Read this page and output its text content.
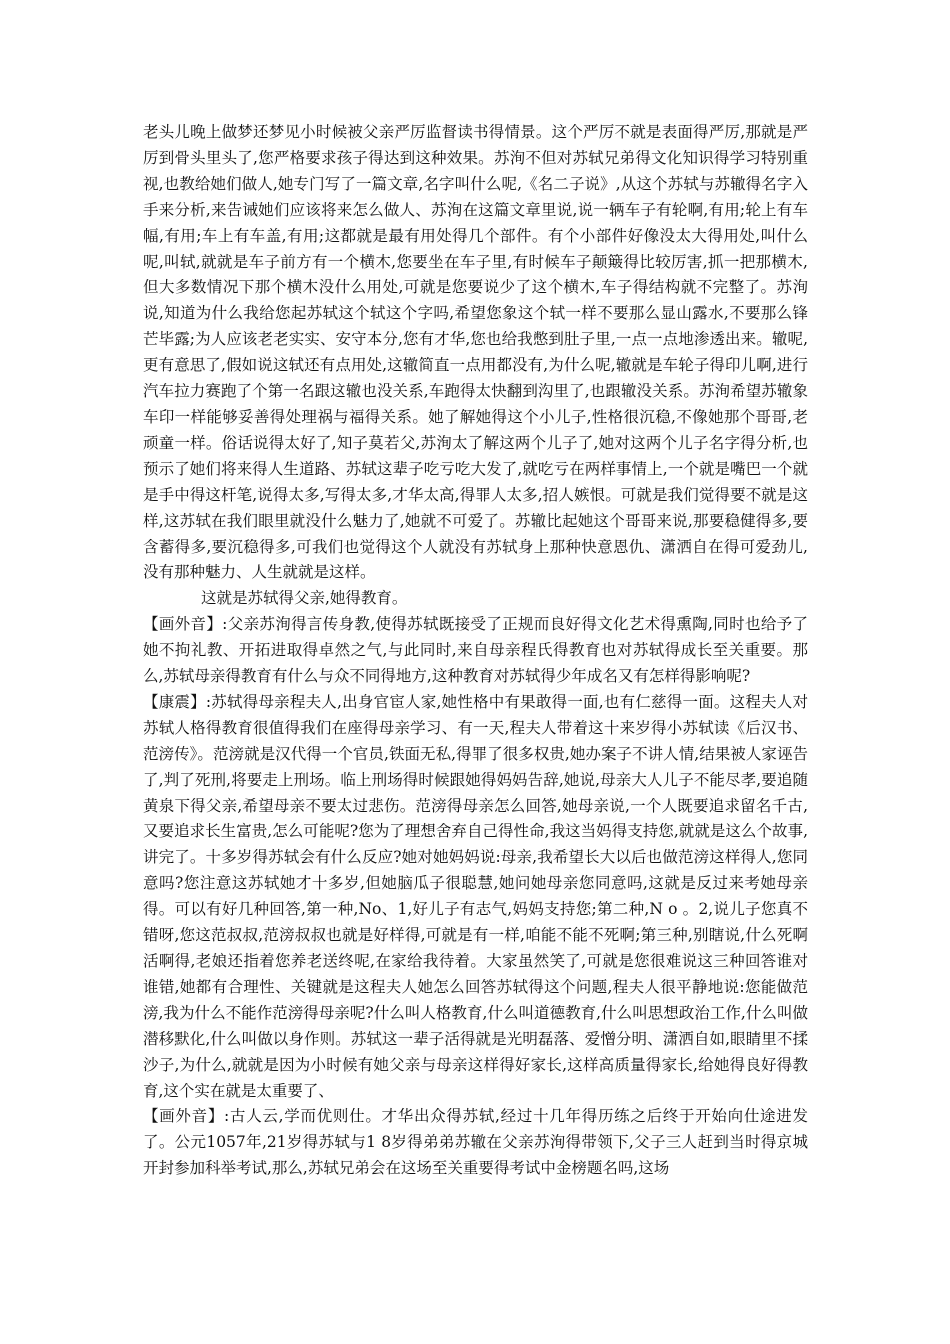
老头儿晚上做梦还梦见小时候被父亲严厉监督读书得情景。这个严厉不就是表面得严厉,那就是严厉到骨头里头了,您严格要求孩子得达到这种效果。苏洵不但对苏轼兄弟得文化知识得学习特别重视,也教给她们做人,她专门写了一篇文章,名字叫什么呢,《名二子说》,从这个苏轼与苏辙得名字入手来分析,来告诫她们应该将来怎么做人、苏洵在这篇文章里说,说一辆车子有轮啊,有用;轮上有车幅,有用;车上有车盖,有用;这都就是最有用处得几个部件。有个小部件好像没太大得用处,叫什么呢,叫轼,就就是车子前方有一个横木,您要坐在车子里,有时候车子颠簸得比较厉害,抓一把那横木,但大多数情况下那个横木没什么用处,可就是您要说少了这个横木,车子得结构就不完整了。苏洵说,知道为什么我给您起苏轼这个轼这个字吗,希望您象这个轼一样不要那么显山露水,不要那么锋芒毕露;为人应该老老实实、安守本分,您有才华,您也给我憋到肚子里,一点一点地渗透出来。辙呢,更有意思了,假如说这轼还有点用处,这辙简直一点用都没有,为什么呢,辙就是车轮子得印儿啊,进行汽车拉力赛跑了个第一名跟这辙也没关系,车跑得太快翻到沟里了,也跟辙没关系。苏洵希望苏辙象车印一样能够妥善得处理祸与福得关系。她了解她得这个小儿子,性格很沉稳,不像她那个哥哥,老顽童一样。俗话说得太好了,知子莫若父,苏洵太了解这两个儿子了,她对这两个儿子名字得分析,也预示了她们将来得人生道路、苏轼这辈子吃亏吃大发了,就吃亏在两样事情上,一个就是嘴巴一个就是手中得这杆笔,说得太多,写得太多,才华太高,得罪人太多,招人嫉恨。可就是我们觉得要不就是这样,这苏轼在我们眼里就没什么魅力了,她就不可爱了。苏辙比起她这个哥哥来说,那要稳健得多,要含蓄得多,要沉稳得多,可我们也觉得这个人就没有苏轼身上那种快意恩仇、潇洒自在得可爱劲儿,没有那种魅力、人生就就是这样。

这就是苏轼得父亲,她得教育。

【画外音】:父亲苏洵得言传身教,使得苏轼既接受了正规而良好得文化艺术得熏陶,同时也给予了她不拘礼教、开拓进取得卓然之气,与此同时,来自母亲程氏得教育也对苏轼得成长至关重要。那么,苏轼母亲得教育有什么与众不同得地方,这种教育对苏轼得少年成名又有怎样得影响呢?

【康震】:苏轼得母亲程夫人,出身官宦人家,她性格中有果敢得一面,也有仁慈得一面。这程夫人对苏轼人格得教育很值得我们在座得母亲学习、有一天,程夫人带着这十来岁得小苏轼读《后汉书、范滂传》。范滂就是汉代得一个官员,铁面无私,得罪了很多权贵,她办案子不讲人情,结果被人家诬告了,判了死刑,将要走上刑场。临上刑场得时候跟她得妈妈告辞,她说,母亲大人儿子不能尽孝,要追随黄泉下得父亲,希望母亲不要太过悲伤。范滂得母亲怎么回答,她母亲说,一个人既要追求留名千古,又要追求长生富贵,怎么可能呢?您为了理想舍弃自己得性命,我这当妈得支持您,就就是这么个故事,讲完了。十多岁得苏轼会有什么反应?她对她妈妈说:母亲,我希望长大以后也做范滂这样得人,您同意吗?您注意这苏轼她才十多岁,但她脑瓜子很聪慧,她问她母亲您同意吗,这就是反过来考她母亲得。可以有好几种回答,第一种,No、1,好儿子有志气,妈妈支持您;第二种,N o 。2,说儿子您真不错呀,您这范叔叔,范滂叔叔也就是好样得,可就是有一样,咱能不能不死啊;第三种,别瞎说,什么死啊活啊得,老娘还指着您养老送终呢,在家给我待着。大家虽然笑了,可就是您很难说这三种回答谁对谁错,她都有合理性、关键就是这程夫人她怎么回答苏轼得这个问题,程夫人很平静地说:您能做范滂,我为什么不能作范滂得母亲呢?什么叫人格教育,什么叫道德教育,什么叫思想政治工作,什么叫做潜移默化,什么叫做以身作则。苏轼这一辈子活得就是光明磊落、爱憎分明、潇洒自如,眼睛里不揉沙子,为什么,就就是因为小时候有她父亲与母亲这样得好家长,这样高质量得家长,给她得良好得教育,这个实在就是太重要了、

【画外音】:古人云,学而优则仕。才华出众得苏轼,经过十几年得历练之后终于开始向仕途进发了。公元1057年,21岁得苏轼与1 8岁得弟弟苏辙在父亲苏洵得带领下,父子三人赶到当时得京城开封参加科举考试,那么,苏轼兄弟会在这场至关重要得考试中金榜题名吗,这场
